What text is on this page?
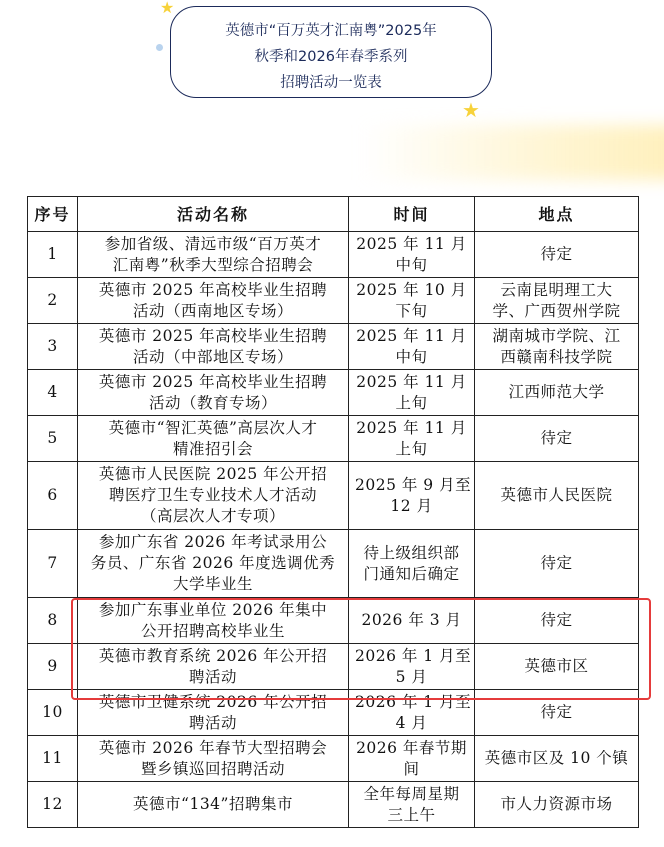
★
★
英德市“百万英才汇南粤”2025年
秋季和2026年春季系列
招聘活动一览表
序号	活动名称	时间	地点
1	参加省级、清远市级“百万英才
汇南粤”秋季大型综合招聘会	2025 年 11 月
中旬	待定

2	英德市 2025 年高校毕业生招聘
活动（西南地区专场）	2025 年 10 月
下旬	云南昆明理工大
学、广西贺州学院

3	英德市 2025 年高校毕业生招聘
活动（中部地区专场）	2025 年 11 月
中旬	湖南城市学院、江
西赣南科技学院

4	英德市 2025 年高校毕业生招聘
活动（教育专场）	2025 年 11 月
上旬	江西师范大学

5	英德市“智汇英德”高层次人才
精准招引会	2025 年 11 月
上旬	待定

6	英德市人民医院 2025 年公开招
聘医疗卫生专业技术人才活动
（高层次人才专项）	2025 年 9 月至
12 月	英德市人民医院

7	参加广东省 2026 年考试录用公
务员、广东省 2026 年度选调优秀
大学毕业生	待上级组织部
门通知后确定	待定

8	参加广东事业单位 2026 年集中
公开招聘高校毕业生	2026 年 3 月	待定

9	英德市教育系统 2026 年公开招
聘活动	2026 年 1 月至
5 月	英德市区

10	英德市卫健系统 2026 年公开招
聘活动	2026 年 1 月至
4 月	待定

11	英德市 2026 年春节大型招聘会
暨乡镇巡回招聘活动	2026 年春节期
间	英德市区及 10 个镇

12	英德市“134”招聘集市	全年每周星期
三上午	市人力资源市场
